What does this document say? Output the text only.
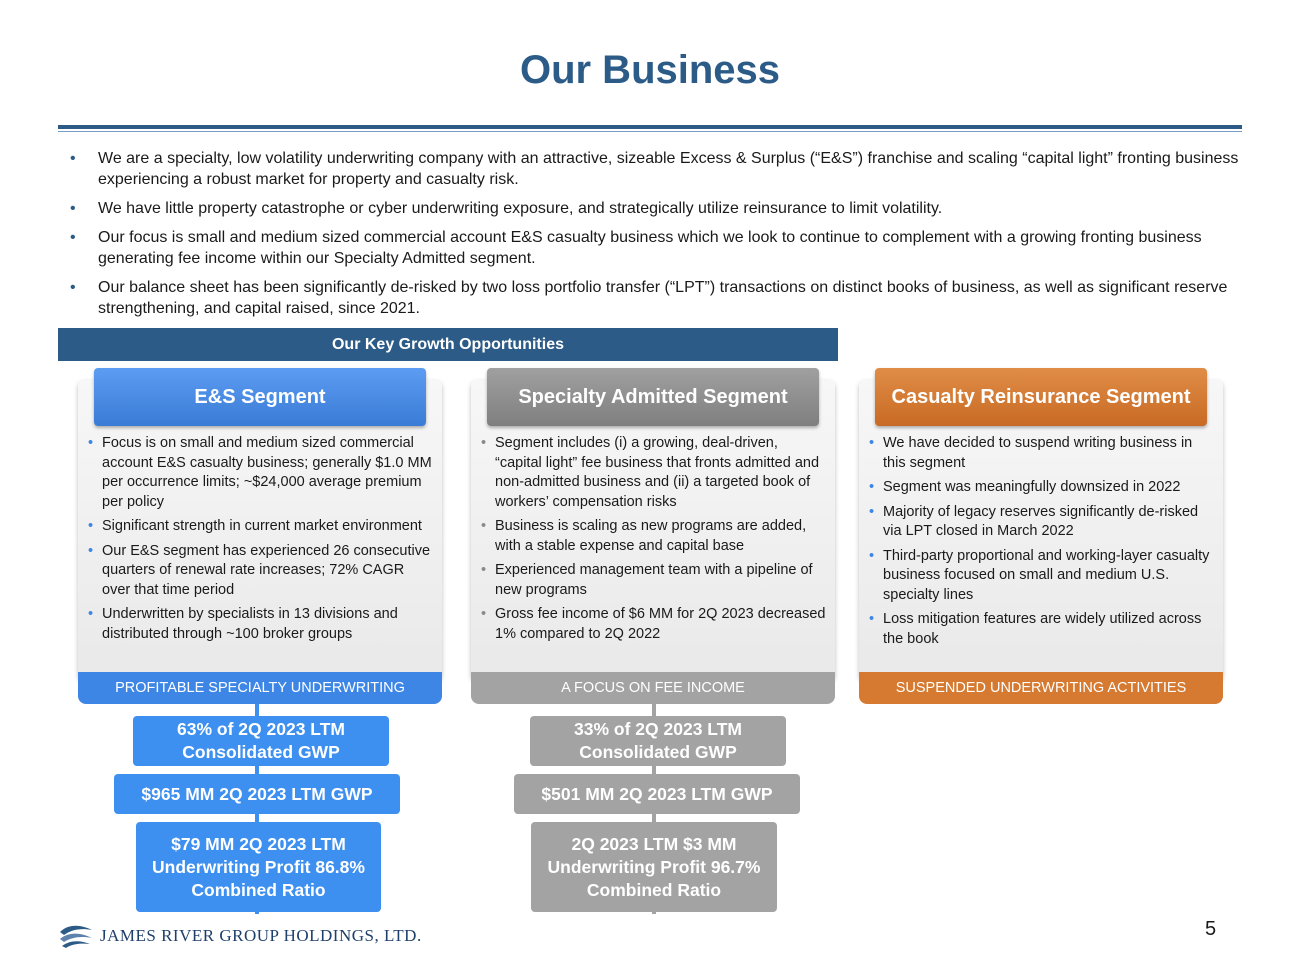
Our Business
• We are a specialty, low volatility underwriting company with an attractive, sizeable Excess & Surplus (“E&S”) franchise and scaling “capital light” fronting business experiencing a robust market for property and casualty risk.
• We have little property catastrophe or cyber underwriting exposure, and strategically utilize reinsurance to limit volatility.
• Our focus is small and medium sized commercial account E&S casualty business which we look to continue to complement with a growing fronting business generating fee income within our Specialty Admitted segment.
• Our balance sheet has been significantly de-risked by two loss portfolio transfer (“LPT”) transactions on distinct books of business, as well as significant reserve strengthening, and capital raised, since 2021.
Our Key Growth Opportunities
E&S Segment
• Focus is on small and medium sized commercial account E&S casualty business; generally $1.0 MM per occurrence limits; ~$24,000 average premium per policy
• Significant strength in current market environment
• Our E&S segment has experienced 26 consecutive quarters of renewal rate increases; 72% CAGR over that time period
• Underwritten by specialists in 13 divisions and distributed through ~100 broker groups
PROFITABLE SPECIALTY UNDERWRITING
Specialty Admitted Segment
• Segment includes (i) a growing, deal-driven, “capital light” fee business that fronts admitted and non-admitted business and (ii) a targeted book of workers’ compensation risks
• Business is scaling as new programs are added, with a stable expense and capital base
• Experienced management team with a pipeline of new programs
• Gross fee income of $6 MM for 2Q 2023 decreased 1% compared to 2Q 2022
A FOCUS ON FEE INCOME
Casualty Reinsurance Segment
• We have decided to suspend writing business in this segment
• Segment was meaningfully downsized in 2022
• Majority of legacy reserves significantly de-risked via LPT closed in March 2022
• Third-party proportional and working-layer casualty business focused on small and medium U.S. specialty lines
• Loss mitigation features are widely utilized across the book
SUSPENDED UNDERWRITING ACTIVITIES
63% of 2Q 2023 LTM Consolidated GWP
$965 MM 2Q 2023 LTM GWP
$79 MM 2Q 2023 LTM Underwriting Profit 86.8% Combined Ratio
33% of 2Q 2023 LTM Consolidated GWP
$501 MM 2Q 2023 LTM GWP
2Q 2023 LTM $3 MM Underwriting Profit 96.7% Combined Ratio
JAMES RIVER GROUP HOLDINGS, LTD.	5
